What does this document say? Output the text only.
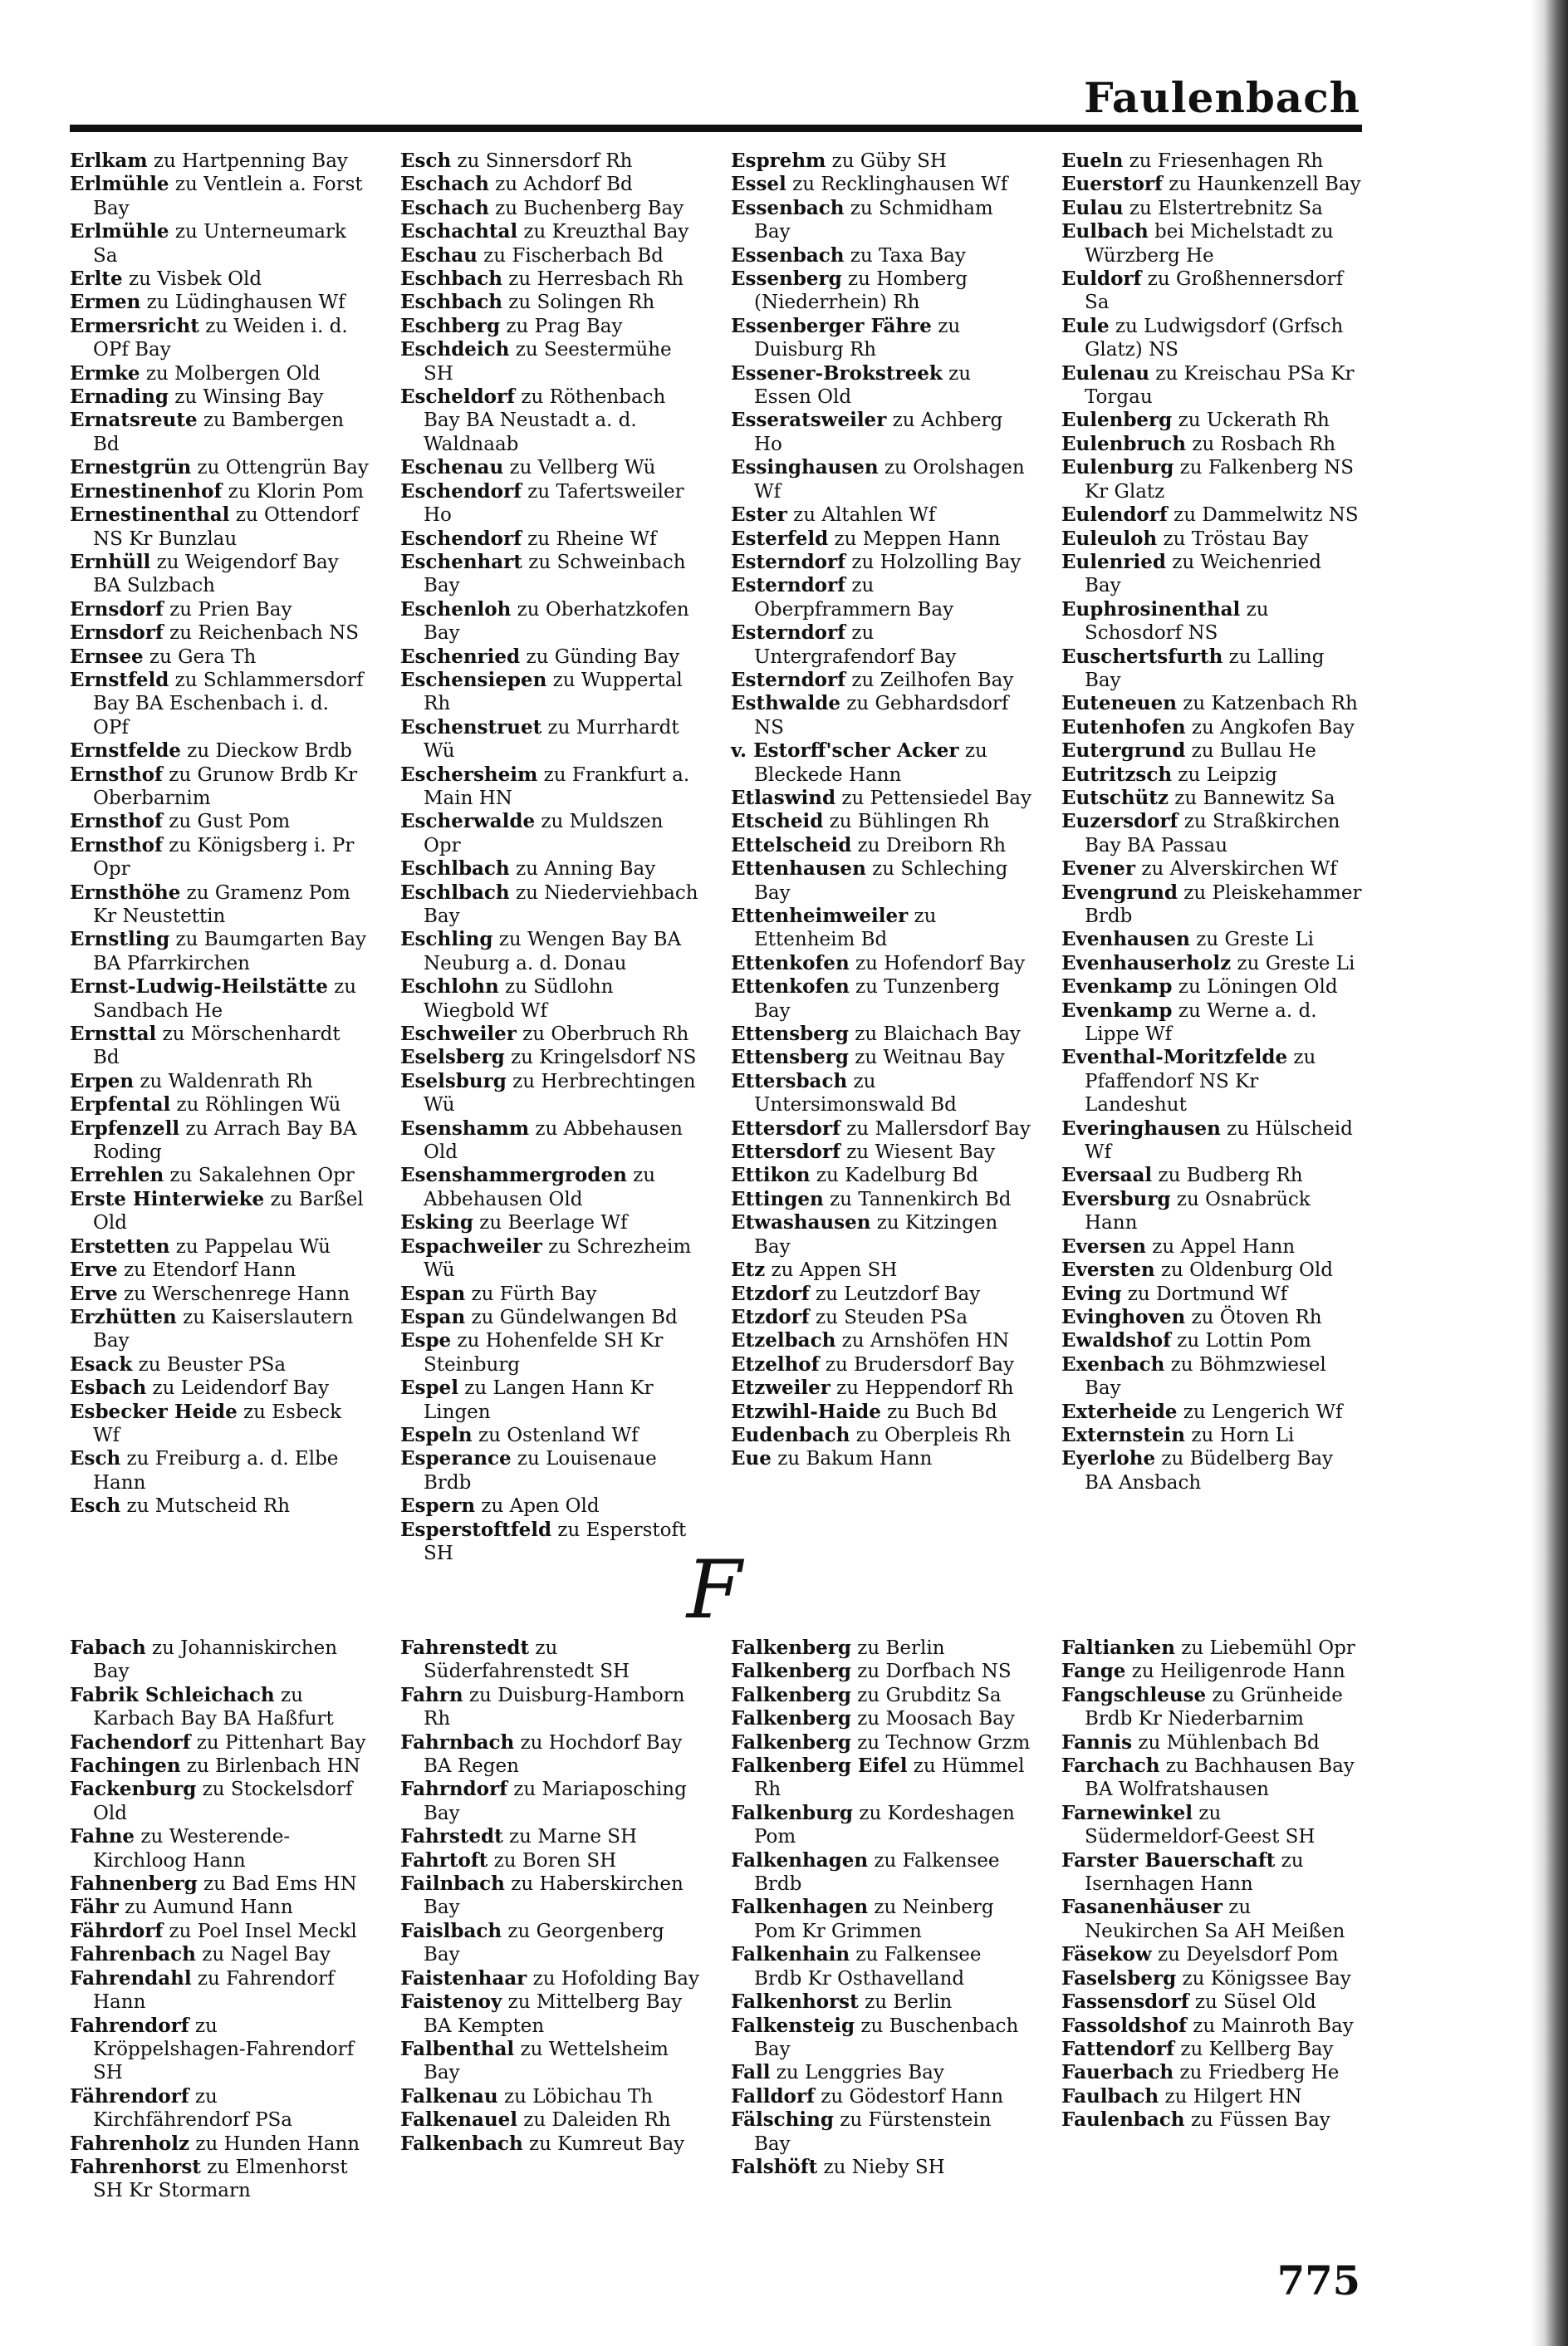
Faulenbach
Erlkam zu Hartpenning Bay
Erlmühle zu Ventlein a. Forst Bay
Erlmühle zu Unterneumark Sa
Erlte zu Visbek Old
Ermen zu Lüdinghausen Wf
Ermersricht zu Weiden i. d. OPf Bay
Ermke zu Molbergen Old
Ernading zu Winsing Bay
Ernatsreute zu Bambergen Bd
Ernestgrün zu Ottengrün Bay
Ernestinenhof zu Klorin Pom
Ernestinenthal zu Ottendorf NS Kr Bunzlau
Ernhüll zu Weigendorf Bay BA Sulzbach
Ernsdorf zu Prien Bay
Ernsdorf zu Reichenbach NS
Ernsee zu Gera Th
Ernstfeld zu Schlammersdorf Bay BA Eschenbach i. d. OPf
Ernstfelde zu Dieckow Brdb
Ernsthof zu Grunow Brdb Kr Oberbarnim
Ernsthof zu Gust Pom
Ernsthof zu Königsberg i. Pr Opr
Ernsthöhe zu Gramenz Pom Kr Neustettin
Ernstling zu Baumgarten Bay BA Pfarrkirchen
Ernst-Ludwig-Heilstätte zu Sandbach He
Ernsttal zu Mörschenhardt Bd
Erpen zu Waldenrath Rh
Erpfental zu Röhlingen Wü
Erpfenzell zu Arrach Bay BA Roding
Errehlen zu Sakalehnen Opr
Erste Hinterwieke zu Barßel Old
Erstetten zu Pappelau Wü
Erve zu Etendorf Hann
Erve zu Werschenrege Hann
Erzhütten zu Kaiserslautern Bay
Esack zu Beuster PSa
Esbach zu Leidendorf Bay
Esbecker Heide zu Esbeck Wf
Esch zu Freiburg a. d. Elbe Hann
Esch zu Mutscheid Rh
Esch zu Sinnersdorf Rh
Eschach zu Achdorf Bd
Eschach zu Buchenberg Bay
Eschachtal zu Kreuzthal Bay
Eschau zu Fischerbach Bd
Eschbach zu Herresbach Rh
Eschbach zu Solingen Rh
Eschberg zu Prag Bay
Eschdeich zu Seestermühe SH
Escheldorf zu Röthenbach Bay BA Neustadt a. d. Waldnaab
Eschenau zu Vellberg Wü
Eschendorf zu Tafertsweiler Ho
Eschendorf zu Rheine Wf
Eschenhart zu Schweinbach Bay
Eschenloh zu Oberhatzkofen Bay
Eschenried zu Günding Bay
Eschensiepen zu Wuppertal Rh
Eschenstruet zu Murrhardt Wü
Eschersheim zu Frankfurt a. Main HN
Escherwalde zu Muldszen Opr
Eschlbach zu Anning Bay
Eschlbach zu Niederviehbach Bay
Eschling zu Wengen Bay BA Neuburg a. d. Donau
Eschlohn zu Südlohn Wiegbold Wf
Eschweiler zu Oberbruch Rh
Eselsberg zu Kringelsdorf NS
Eselsburg zu Herbrechtingen Wü
Esenshamm zu Abbehausen Old
Esenshammergroden zu Abbehausen Old
Esking zu Beerlage Wf
Espachweiler zu Schrezheim Wü
Espan zu Fürth Bay
Espan zu Gündelwangen Bd
Espe zu Hohenfelde SH Kr Steinburg
Espel zu Langen Hann Kr Lingen
Espeln zu Ostenland Wf
Esperance zu Louisenaue Brdb
Espern zu Apen Old
Esperstoftfeld zu Esperstoft SH
Esprehm zu Güby SH
Essel zu Recklinghausen Wf
Essenbach zu Schmidham Bay
Essenbach zu Taxa Bay
Essenberg zu Homberg (Niederrhein) Rh
Essenberger Fähre zu Duisburg Rh
Essener-Brokstreek zu Essen Old
Esseratsweiler zu Achberg Ho
Essinghausen zu Orolshagen Wf
Ester zu Altahlen Wf
Esterfeld zu Meppen Hann
Esterndorf zu Holzolling Bay
Esterndorf zu Oberpframmern Bay
Esterndorf zu Untergrafendorf Bay
Esterndorf zu Zeilhofen Bay
Esthwalde zu Gebhardsdorf NS
v. Estorff'scher Acker zu Bleckede Hann
Etlaswind zu Pettensiedel Bay
Etscheid zu Bühlingen Rh
Ettelscheid zu Dreiborn Rh
Ettenhausen zu Schleching Bay
Ettenheimweiler zu Ettenheim Bd
Ettenkofen zu Hofendorf Bay
Ettenkofen zu Tunzenberg Bay
Ettensberg zu Blaichach Bay
Ettensberg zu Weitnau Bay
Ettersbach zu Untersimonswald Bd
Ettersdorf zu Mallersdorf Bay
Ettersdorf zu Wiesent Bay
Ettikon zu Kadelburg Bd
Ettingen zu Tannenkirch Bd
Etwashausen zu Kitzingen Bay
Etz zu Appen SH
Etzdorf zu Leutzdorf Bay
Etzdorf zu Steuden PSa
Etzelbach zu Arnshöfen HN
Etzelhof zu Brudersdorf Bay
Etzweiler zu Heppendorf Rh
Etzwihl-Haide zu Buch Bd
Eudenbach zu Oberpleis Rh
Eue zu Bakum Hann
Eueln zu Friesenhagen Rh
Euerstorf zu Haunkenzell Bay
Eulau zu Elstertrebnitz Sa
Eulbach bei Michelstadt zu Würzberg He
Euldorf zu Großhennersdorf Sa
Eule zu Ludwigsdorf (Grfsch Glatz) NS
Eulenau zu Kreischau PSa Kr Torgau
Eulenberg zu Uckerath Rh
Eulenbruch zu Rosbach Rh
Eulenburg zu Falkenberg NS Kr Glatz
Eulendorf zu Dammelwitz NS
Euleuloh zu Tröstau Bay
Eulenried zu Weichenried Bay
Euphrosinenthal zu Schosdorf NS
Euschertsfurth zu Lalling Bay
Euteneuen zu Katzenbach Rh
Eutenhofen zu Angkofen Bay
Eutergrund zu Bullau He
Eutritzsch zu Leipzig
Eutschütz zu Bannewitz Sa
Euzersdorf zu Straßkirchen Bay BA Passau
Evener zu Alverskirchen Wf
Evengrund zu Pleiskehammer Brdb
Evenhausen zu Greste Li
Evenhauserholz zu Greste Li
Evenkamp zu Löningen Old
Evenkamp zu Werne a. d. Lippe Wf
Eventhal-Moritzfelde zu Pfaffendorf NS Kr Landeshut
Everinghausen zu Hülscheid Wf
Eversaal zu Budberg Rh
Eversburg zu Osnabrück Hann
Eversen zu Appel Hann
Eversten zu Oldenburg Old
Eving zu Dortmund Wf
Evinghoven zu Ötoven Rh
Ewaldshof zu Lottin Pom
Exenbach zu Böhmzwiesel Bay
Exterheide zu Lengerich Wf
Externstein zu Horn Li
Eyerlohe zu Büdelberg Bay BA Ansbach
F
Fabach zu Johanniskirchen Bay
Fabrik Schleichach zu Karbach Bay BA Haßfurt
Fachendorf zu Pittenhart Bay
Fachingen zu Birlenbach HN
Fackenburg zu Stockelsdorf Old
Fahne zu Westerende-Kirchloog Hann
Fahnenberg zu Bad Ems HN
Fähr zu Aumund Hann
Fährdorf zu Poel Insel Meckl
Fahrenbach zu Nagel Bay
Fahrendahl zu Fahrendorf Hann
Fahrendorf zu Kröppelshagen-Fahrendorf SH
Fährendorf zu Kirchfährendorf PSa
Fahrenholz zu Hunden Hann
Fahrenhorst zu Elmenhorst SH Kr Stormarn
Fahrenstedt zu Süderfahrenstedt SH
Fahrn zu Duisburg-Hamborn Rh
Fahrnbach zu Hochdorf Bay BA Regen
Fahrndorf zu Mariaposching Bay
Fahrstedt zu Marne SH
Fahrtoft zu Boren SH
Failnbach zu Haberskirchen Bay
Faislbach zu Georgenberg Bay
Faistenhaar zu Hofolding Bay
Faistenoy zu Mittelberg Bay BA Kempten
Falbenthal zu Wettelsheim Bay
Falkenau zu Löbichau Th
Falkenauel zu Daleiden Rh
Falkenbach zu Kumreut Bay
Falkenberg zu Berlin
Falkenberg zu Dorfbach NS
Falkenberg zu Grubditz Sa
Falkenberg zu Moosach Bay
Falkenberg zu Technow Grzm
Falkenberg Eifel zu Hümmel Rh
Falkenburg zu Kordeshagen Pom
Falkenhagen zu Falkensee Brdb
Falkenhagen zu Neinberg Pom Kr Grimmen
Falkenhain zu Falkensee Brdb Kr Osthavelland
Falkenhorst zu Berlin
Falkensteig zu Buschenbach Bay
Fall zu Lenggries Bay
Falldorf zu Gödestorf Hann
Fälsching zu Fürstenstein Bay
Falshöft zu Nieby SH
Faltianken zu Liebemühl Opr
Fange zu Heiligenrode Hann
Fangschleuse zu Grünheide Brdb Kr Niederbarnim
Fannis zu Mühlenbach Bd
Farchach zu Bachhausen Bay BA Wolfratshausen
Farnewinkel zu Südermeldorf-Geest SH
Farster Bauerschaft zu Isernhagen Hann
Fasanenhäuser zu Neukirchen Sa AH Meißen
Fäsekow zu Deyelsdorf Pom
Faselsberg zu Königssee Bay
Fassensdorf zu Süsel Old
Fassoldshof zu Mainroth Bay
Fattendorf zu Kellberg Bay
Fauerbach zu Friedberg He
Faulbach zu Hilgert HN
Faulenbach zu Füssen Bay
775
